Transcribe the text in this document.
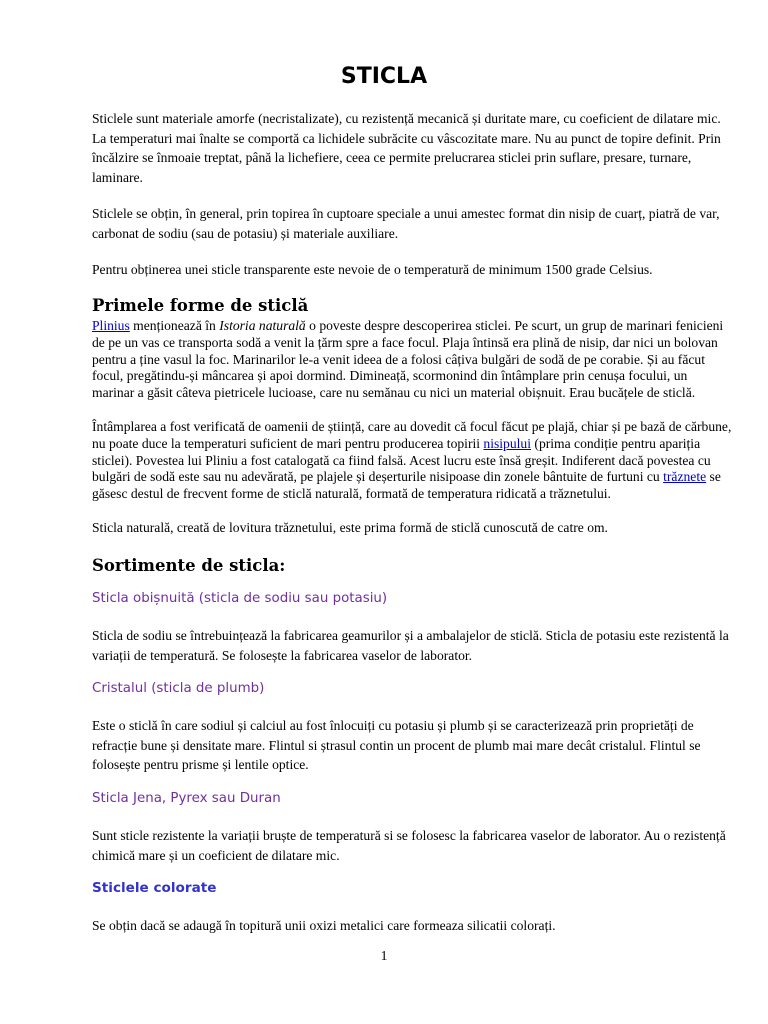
STICLA
Sticlele sunt materiale amorfe (necristalizate), cu rezistență mecanică și duritate mare, cu coeficient de dilatare mic. La temperaturi mai înalte se comportă ca lichidele subrăcite cu vâscozitate mare. Nu au punct de topire definit. Prin încălzire se înmoaie treptat, până la lichefiere, ceea ce permite prelucrarea sticlei prin suflare, presare, turnare, laminare.
Sticlele se obțin, în general, prin topirea în cuptoare speciale a unui amestec format din nisip de cuarț, piatră de var, carbonat de sodiu (sau de potasiu) și materiale auxiliare.
Pentru obținerea unei sticle transparente este nevoie de o temperatură de minimum 1500 grade Celsius.
Primele forme de sticlă
Plinius menționează în Istoria naturală o poveste despre descoperirea sticlei. Pe scurt, un grup de marinari fenicieni de pe un vas ce transporta sodă a venit la țărm spre a face focul. Plaja întinsă era plină de nisip, dar nici un bolovan pentru a ține vasul la foc. Marinarilor le-a venit ideea de a folosi câțiva bulgări de sodă de pe corabie. Și au făcut focul, pregătindu-și mâncarea și apoi dormind. Dimineață, scormonind din întâmplare prin cenușa focului, un marinar a găsit câteva pietricele lucioase, care nu semănau cu nici un material obișnuit. Erau bucățele de sticlă.
Întâmplarea a fost verificată de oamenii de știință, care au dovedit că focul făcut pe plajă, chiar și pe bază de cărbune, nu poate duce la temperaturi suficient de mari pentru producerea topirii nisipului (prima condiție pentru apariția sticlei). Povestea lui Pliniu a fost catalogată ca fiind falsă. Acest lucru este însă greșit. Indiferent dacă povestea cu bulgări de sodă este sau nu adevărată, pe plajele și deșerturile nisipoase din zonele bântuite de furtuni cu trăznete se găsesc destul de frecvent forme de sticlă naturală, formată de temperatura ridicată a trăznetului.
Sticla naturală, creată de lovitura trăznetului, este prima formă de sticlă cunoscută de catre om.
Sortimente de sticla:
Sticla obișnuită (sticla de sodiu sau potasiu)
Sticla de sodiu se întrebuințează la fabricarea geamurilor și a ambalajelor de sticlă. Sticla de potasiu este rezistentă la variații de temperatură. Se folosește la fabricarea vaselor de laborator.
Cristalul (sticla de plumb)
Este o sticlă în care sodiul și calciul au fost înlocuiți cu potasiu și plumb și se caracterizează prin proprietăți de refracție bune și densitate mare. Flintul si ștrasul contin un procent de plumb mai mare decât cristalul. Flintul se folosește pentru prisme și lentile optice.
Sticla Jena, Pyrex sau Duran
Sunt sticle rezistente la variații bruște de temperatură si se folosesc la fabricarea vaselor de laborator. Au o rezistență chimică mare și un coeficient de dilatare mic.
Sticlele colorate
Se obțin dacă se adaugă în topitură unii oxizi metalici care formeaza silicatii colorați.
1
